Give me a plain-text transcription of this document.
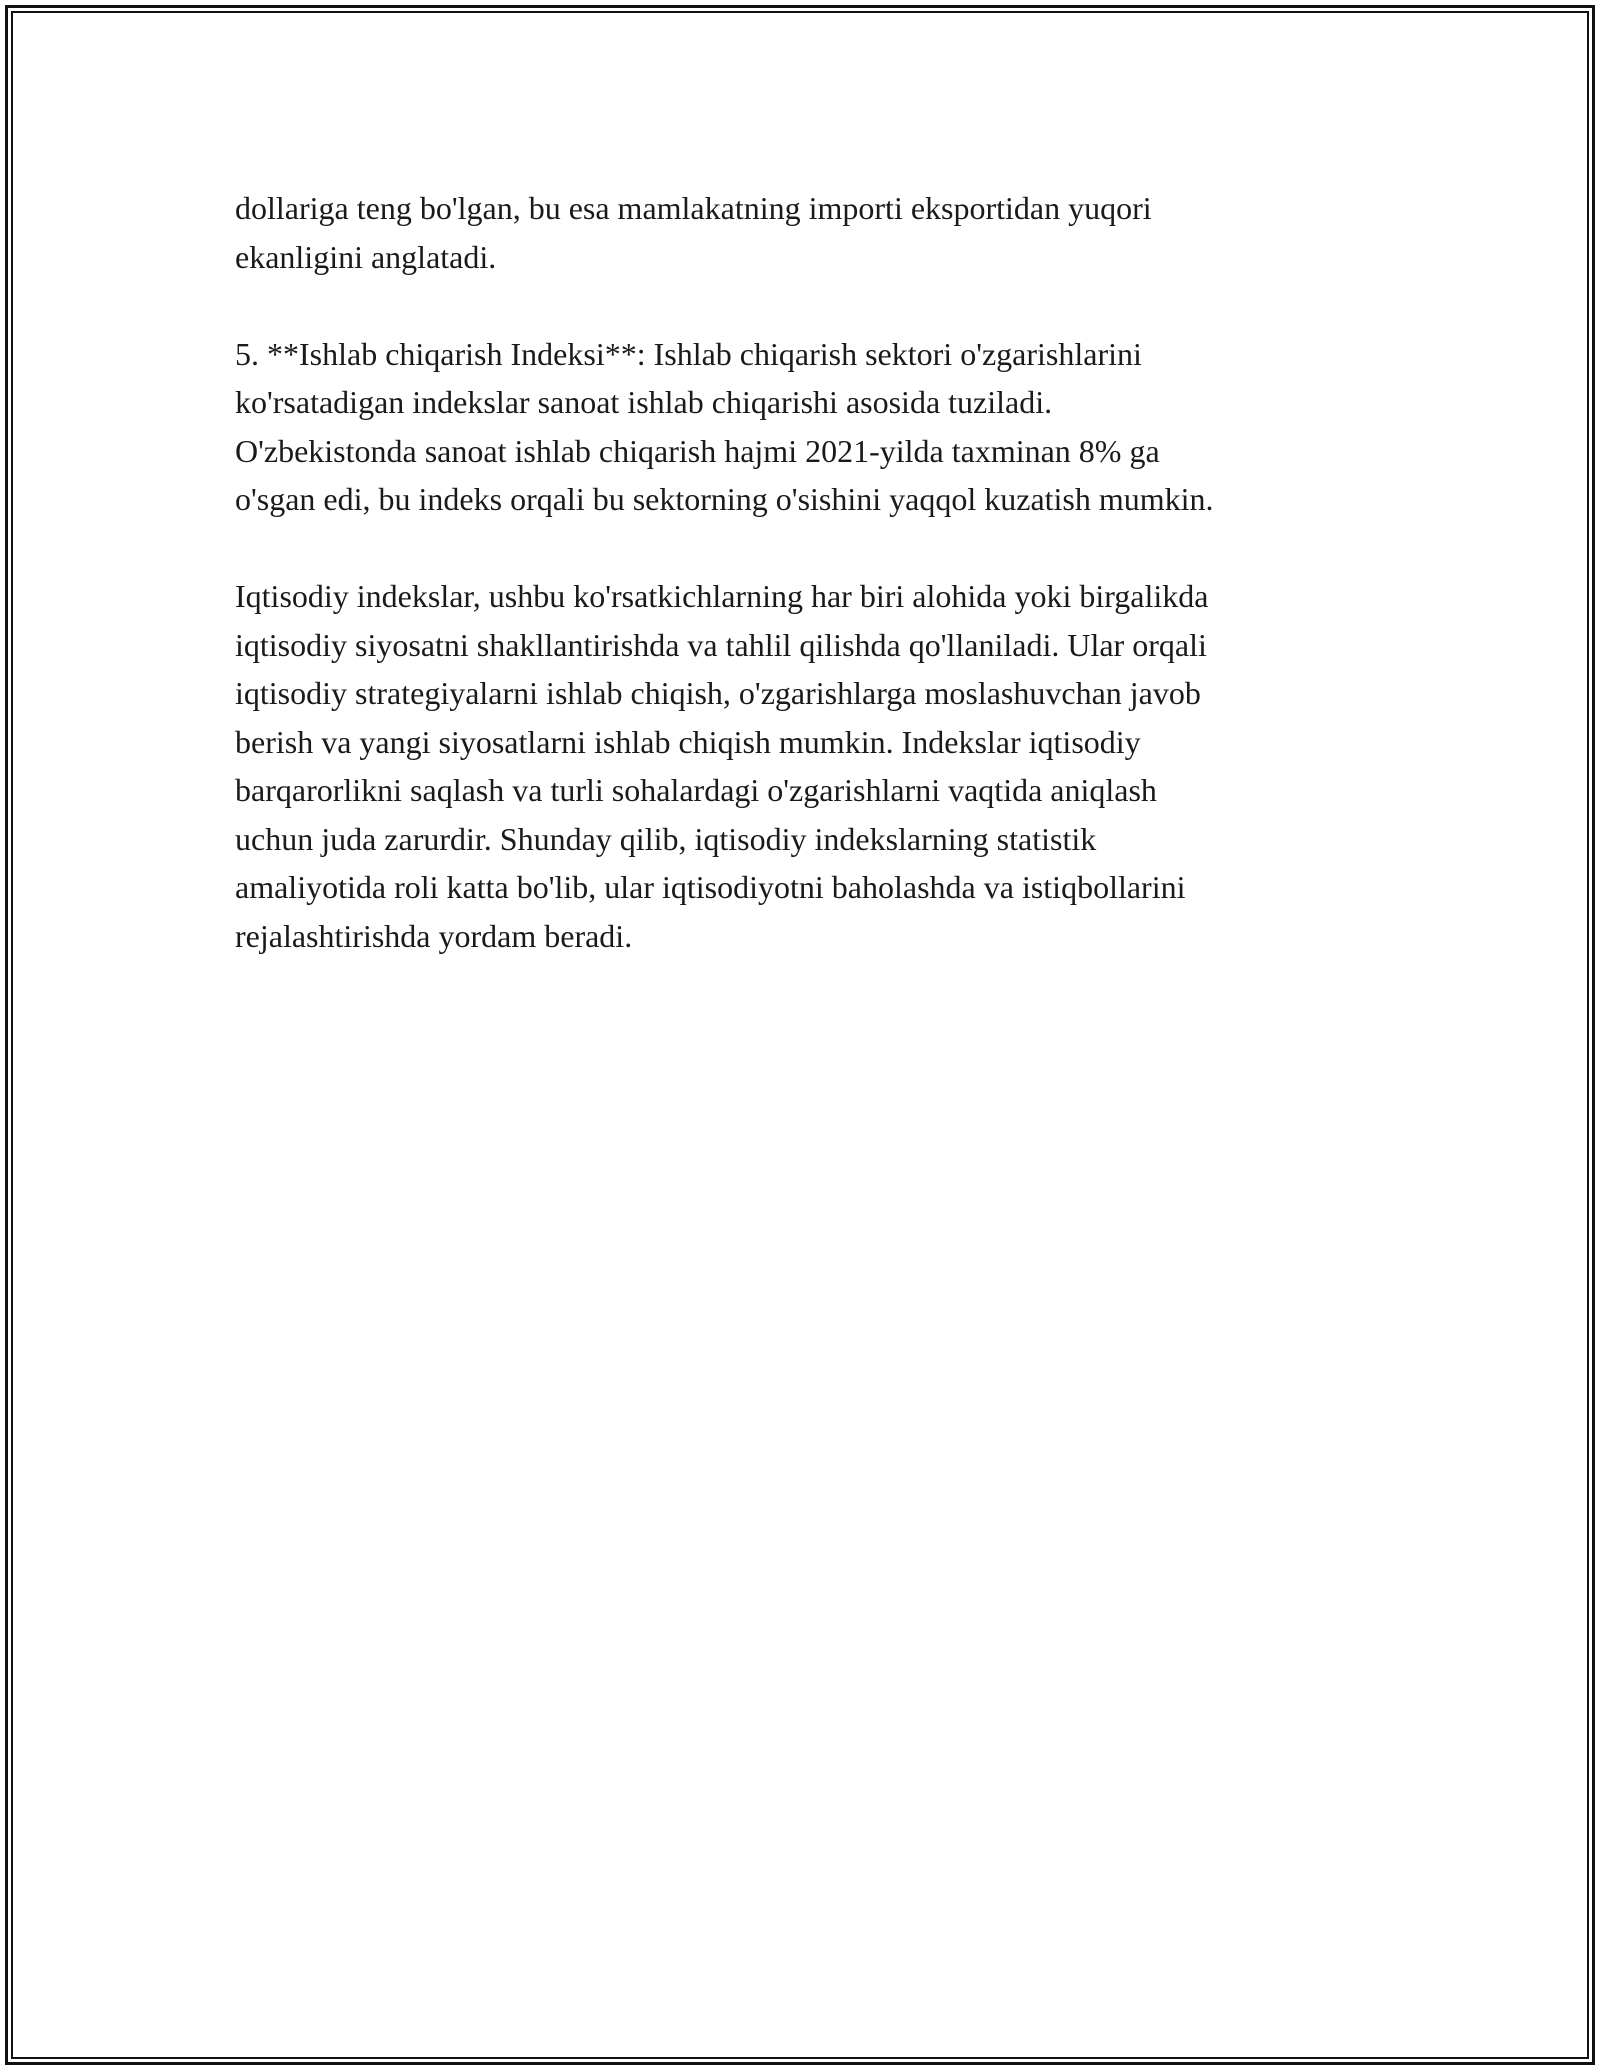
dollariga teng bo'lgan, bu esa mamlakatning importi eksportidan yuqori
ekanligini anglatadi.

5. **Ishlab chiqarish Indeksi**: Ishlab chiqarish sektori o'zgarishlarini
ko'rsatadigan indekslar sanoat ishlab chiqarishi asosida tuziladi.
O'zbekistonda sanoat ishlab chiqarish hajmi 2021-yilda taxminan 8% ga
o'sgan edi, bu indeks orqali bu sektorning o'sishini yaqqol kuzatish mumkin.

Iqtisodiy indekslar, ushbu ko'rsatkichlarning har biri alohida yoki birgalikda
iqtisodiy siyosatni shakllantirishda va tahlil qilishda qo'llaniladi. Ular orqali
iqtisodiy strategiyalarni ishlab chiqish, o'zgarishlarga moslashuvchan javob
berish va yangi siyosatlarni ishlab chiqish mumkin. Indekslar iqtisodiy
barqarorlikni saqlash va turli sohalardagi o'zgarishlarni vaqtida aniqlash
uchun juda zarurdir. Shunday qilib, iqtisodiy indekslarning statistik
amaliyotida roli katta bo'lib, ular iqtisodiyotni baholashda va istiqbollarini
rejalashtirishda yordam beradi.
